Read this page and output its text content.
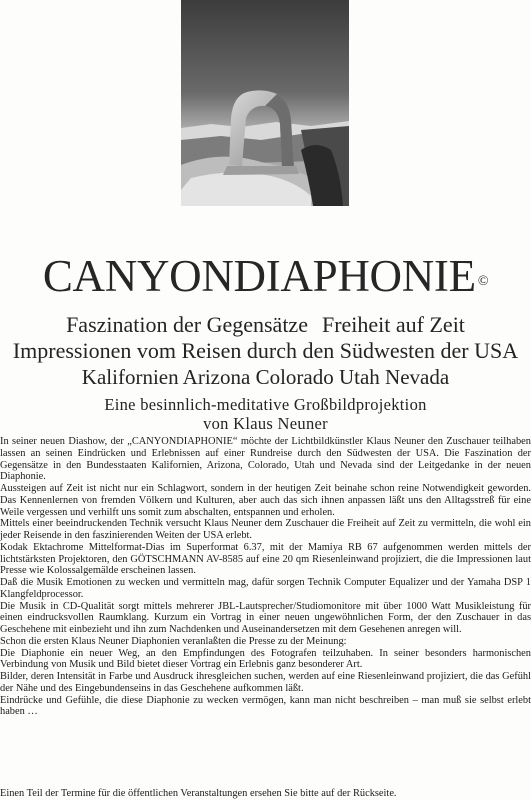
CANYONDIAPHONIE ©
Faszination der Gegensätze Freiheit auf Zeit
Impressionen vom Reisen durch den Südwesten der USA
Kalifornien Arizona Colorado Utah Nevada
Eine besinnlich-meditative Großbildprojektion
von Klaus Neuner

In seiner neuen Diashow, der „CANYONDIAPHONIE“ möchte der Lichtbildkünstler Klaus Neuner den Zuschauer teilhaben lassen an seinen Eindrücken und Erlebnissen auf einer Rundreise durch den Südwesten der USA. Die Faszination der Gegensätze in den Bundesstaaten Kalifornien, Arizona, Colorado, Utah und Nevada sind der Leitgedanke in der neuen Diaphonie.

Aussteigen auf Zeit ist nicht nur ein Schlagwort, sondern in der heutigen Zeit beinahe schon reine Notwendigkeit geworden. Das Kennenlernen von fremden Völkern und Kulturen, aber auch das sich ihnen anpassen läßt uns den Alltagsstreß für eine Weile vergessen und verhilft uns somit zum abschalten, entspannen und erholen.

Mittels einer beeindruckenden Technik versucht Klaus Neuner dem Zuschauer die Freiheit auf Zeit zu vermitteln, die wohl ein jeder Reisende in den faszinierenden Weiten der USA erlebt.

Kodak Ektachrome Mittelformat-Dias im Superformat 6.37, mit der Mamiya RB 67 aufgenommen werden mittels der lichtstärksten Projektoren, den GÖTSCHMANN AV-8585 auf eine 20 qm Riesenleinwand projiziert, die die Impressionen laut Presse wie Kolossalgemälde erscheinen lassen.

Daß die Musik Emotionen zu wecken und vermitteln mag, dafür sorgen Technik Computer Equalizer und der Yamaha DSP 1 Klangfeldprocessor.

Die Musik in CD-Qualität sorgt mittels mehrerer JBL-Lautsprecher/Studiomonitore mit über 1000 Watt Musikleistung für einen eindrucksvollen Raumklang. Kurzum ein Vortrag in einer neuen ungewöhnlichen Form, der den Zuschauer in das Geschehene mit einbezieht und ihn zum Nachdenken und Auseinandersetzen mit dem Gesehenen anregen will.

Schon die ersten Klaus Neuner Diaphonien veranlaßten die Presse zu der Meinung:

Die Diaphonie ein neuer Weg, an den Empfindungen des Fotografen teilzuhaben. In seiner besonders harmonischen Verbindung von Musik und Bild bietet dieser Vortrag ein Erlebnis ganz besonderer Art.

Bilder, deren Intensität in Farbe und Ausdruck ihresgleichen suchen, werden auf eine Riesenleinwand projiziert, die das Gefühl der Nähe und des Eingebundenseins in das Geschehene aufkommen läßt.

Eindrücke und Gefühle, die diese Diaphonie zu wecken vermögen, kann man nicht beschreiben – man muß sie selbst erlebt haben …

Einen Teil der Termine für die öffentlichen Veranstaltungen ersehen Sie bitte auf der Rückseite.
